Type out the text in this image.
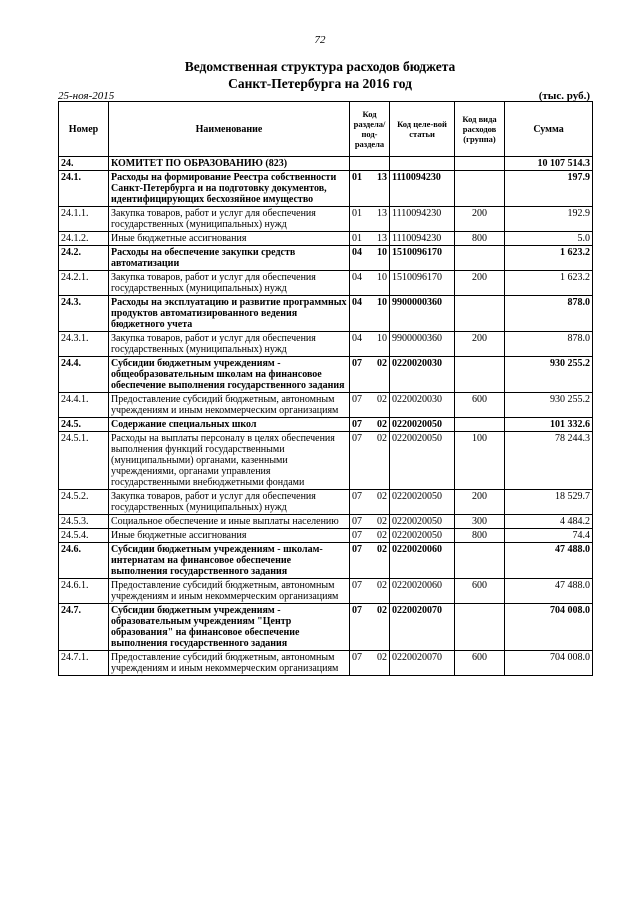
72
Ведомственная структура расходов бюджета
Санкт-Петербурга на 2016 год
25-ноя-2015	(тыс. руб.)
Номер	Наименование	Код раздела/ под-раздела		Код целе-вой статьи	Код вида расходов (группа)	Сумма
24.	КОМИТЕТ ПО ОБРАЗОВАНИЮ (823)					10 107 514.3
24.1.	Расходы на формирование Реестра собственности Санкт-Петербурга и на подготовку документов, идентифицирующих бесхозяйное имущество	01	13	1110094230		197.9
24.1.1.	Закупка товаров, работ и услуг для обеспечения государственных (муниципальных) нужд	01	13	1110094230	200	192.9
24.1.2.	Иные бюджетные ассигнования	01	13	1110094230	800	5.0
24.2.	Расходы на обеспечение закупки средств автоматизации	04	10	1510096170		1 623.2
24.2.1.	Закупка товаров, работ и услуг для обеспечения государственных (муниципальных) нужд	04	10	1510096170	200	1 623.2
24.3.	Расходы на эксплуатацию и развитие программных продуктов автоматизированного ведения бюджетного учета	04	10	9900000360		878.0
24.3.1.	Закупка товаров, работ и услуг для обеспечения государственных (муниципальных) нужд	04	10	9900000360	200	878.0
24.4.	Субсидии бюджетным учреждениям - общеобразовательным школам на финансовое обеспечение выполнения государственного задания	07	02	0220020030		930 255.2
24.4.1.	Предоставление субсидий бюджетным, автономным учреждениям и иным некоммерческим организациям	07	02	0220020030	600	930 255.2
24.5.	Содержание специальных школ	07	02	0220020050		101 332.6
24.5.1.	Расходы на выплаты персоналу в целях обеспечения выполнения функций государственными (муниципальными) органами, казенными учреждениями, органами управления государственными внебюджетными фондами	07	02	0220020050	100	78 244.3
24.5.2.	Закупка товаров, работ и услуг для обеспечения государственных (муниципальных) нужд	07	02	0220020050	200	18 529.7
24.5.3.	Социальное обеспечение и иные выплаты населению	07	02	0220020050	300	4 484.2
24.5.4.	Иные бюджетные ассигнования	07	02	0220020050	800	74.4
24.6.	Субсидии бюджетным учреждениям - школам-интернатам на финансовое обеспечение выполнения государственного задания	07	02	0220020060		47 488.0
24.6.1.	Предоставление субсидий бюджетным, автономным учреждениям и иным некоммерческим организациям	07	02	0220020060	600	47 488.0
24.7.	Субсидии бюджетным учреждениям - образовательным учреждениям "Центр образования" на финансовое обеспечение выполнения государственного задания	07	02	0220020070		704 008.0
24.7.1.	Предоставление субсидий бюджетным, автономным учреждениям и иным некоммерческим организациям	07	02	0220020070	600	704 008.0
